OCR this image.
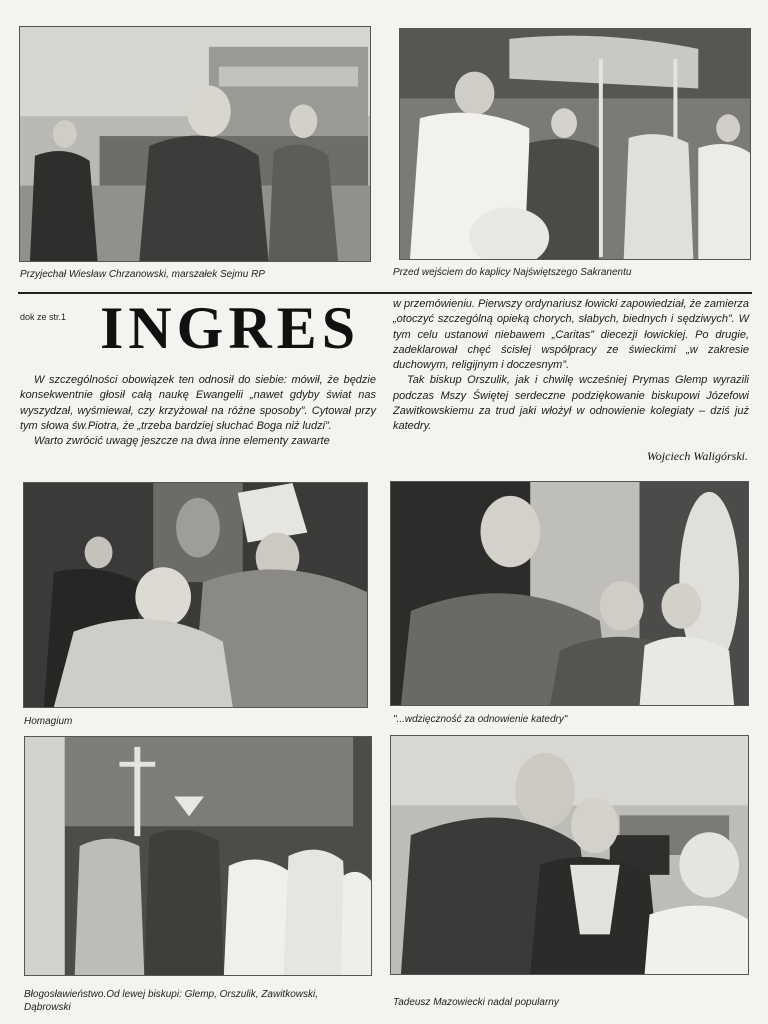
Przyjechał Wiesław Chrzanowski, marszałek Sejmu RP	Przed wejściem do kaplicy Najświętszego Sakranentu
dok ze str.1 INGRES

W szczególności obowiązek ten odnosił do siebie: mówił, że będzie konsekwentnie głosił całą naukę Ewangelii „nawet gdyby świat nas wyszydzał, wyśmiewał, czy krzyżował na różne sposoby”. Cytował przy tym słowa św.Piotra, że „trzeba bardziej słuchać Boga niż ludzi”.

Warto zwrócić uwagę jeszcze na dwa inne elementy zawarte

w przemówieniu. Pierwszy ordynariusz łowicki zapowiedział, że zamierza „otoczyć szczególną opieką chorych, słabych, biednych i sędziwych”. W tym celu ustanowi niebawem „Caritas” diecezji łowickiej. Po drugie, zadeklarował chęć ścisłej współpracy ze świeckimi „w zakresie duchowym, religijnym i doczesnym”.

Tak biskup Orszulik, jak i chwilę wcześniej Prymas Glemp wyrazili podczas Mszy Świętej serdeczne podziękowanie biskupowi Józefowi Zawitkowskiemu za trud jaki włożył w odnowienie kolegiaty – dziś już katedry.

Wojciech Waligórski.
Homagium	"...wdzięczność za odnowienie katedry"
Błogosławieństwo.Od lewej biskupi: Glemp, Orszulik, Zawitkowski,
Dąbrowski	Tadeusz Mazowiecki nadal popularny
